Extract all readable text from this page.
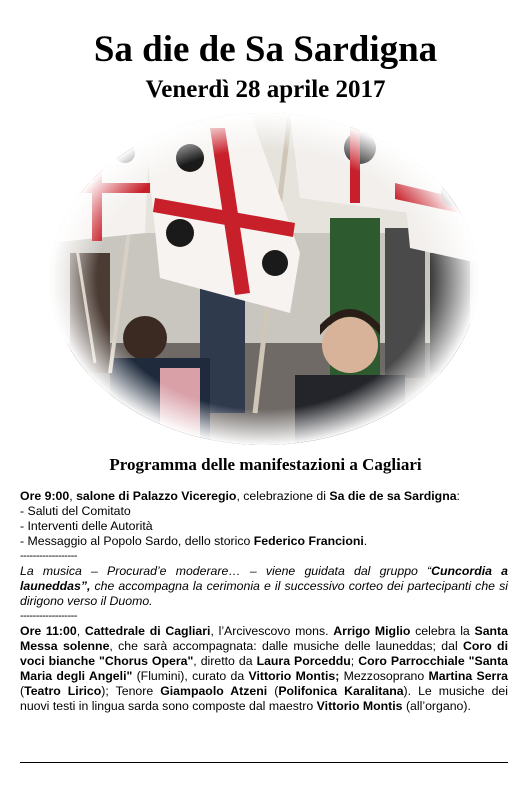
Sa die de Sa Sardigna
Venerdì 28 aprile 2017
Programma delle manifestazioni a Cagliari

Ore 9:00, salone di Palazzo Viceregio, celebrazione di Sa die de sa Sardigna:

- Saluti del Comitato

- Interventi delle Autorità

- Messaggio al Popolo Sardo, dello storico Federico Francioni.

------------------

La musica – Procurad’e moderare… – viene guidata dal gruppo “Cuncordia a launeddas”, che accompagna la cerimonia e il successivo corteo dei partecipanti che si dirigono verso il Duomo.

------------------

Ore 11:00, Cattedrale di Cagliari, l’Arcivescovo mons. Arrigo Miglio celebra la Santa Messa solenne, che sarà accompagnata: dalle musiche delle launeddas; dal Coro di voci bianche "Chorus Opera", diretto da Laura Porceddu; Coro Parrocchiale "Santa Maria degli Angeli" (Flumini), curato da Vittorio Montis; Mezzosoprano Martina Serra (Teatro Lirico); Tenore Giampaolo Atzeni (Polifonica Karalitana). Le musiche dei nuovi testi in lingua sarda sono composte dal maestro Vittorio Montis (all’organo).
